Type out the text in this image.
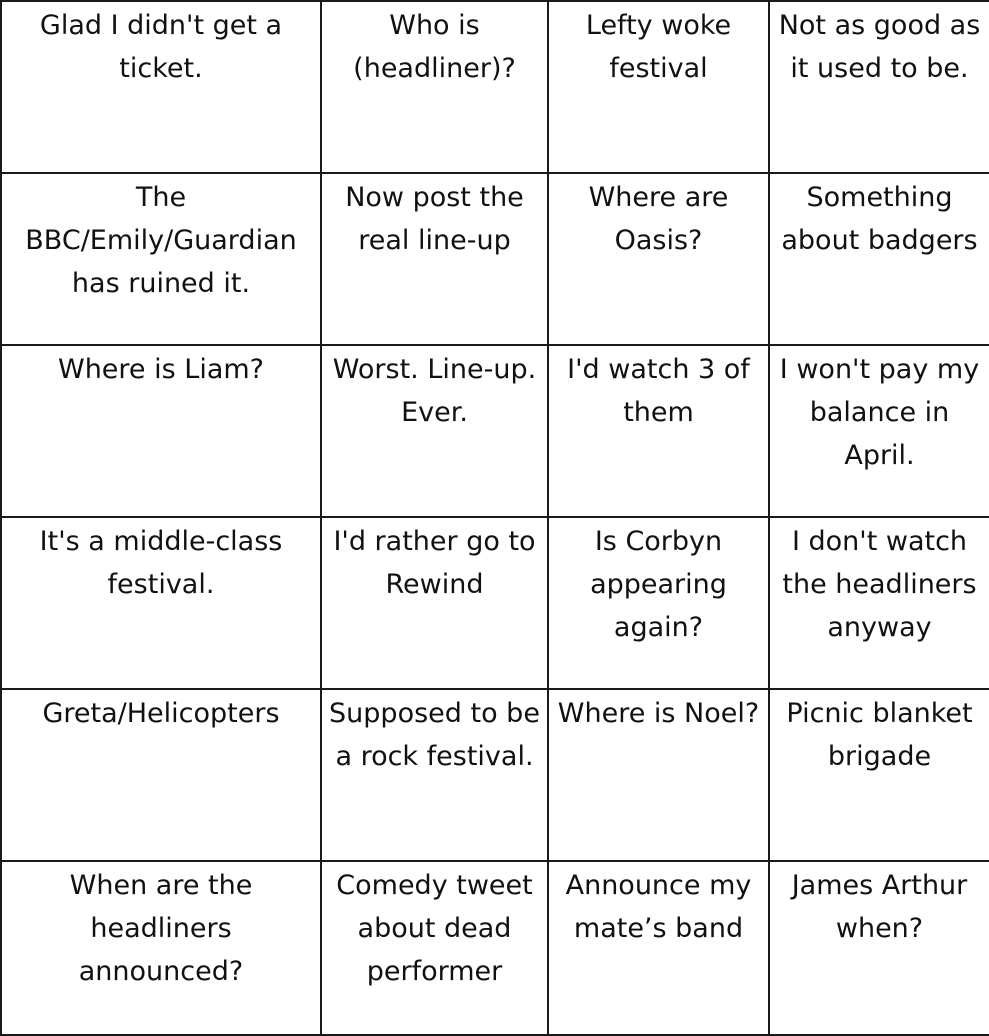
Glad I didn't get a ticket.	Who is (headliner)?	Lefty woke festival	Not as good as it used to be.

The BBC/Emily/Guardian has ruined it.	Now post the real line-up	Where are Oasis?	Something about badgers

Where is Liam?	Worst. Line-up. Ever.	I'd watch 3 of them	I won't pay my balance in April.

It's a middle-class festival.	I'd rather go to Rewind	Is Corbyn appearing again?	I don't watch the headliners anyway

Greta/Helicopters	Supposed to be a rock festival.	Where is Noel?	Picnic blanket brigade

When are the headliners announced?	Comedy tweet about dead performer	Announce my mate’s band	James Arthur when?
